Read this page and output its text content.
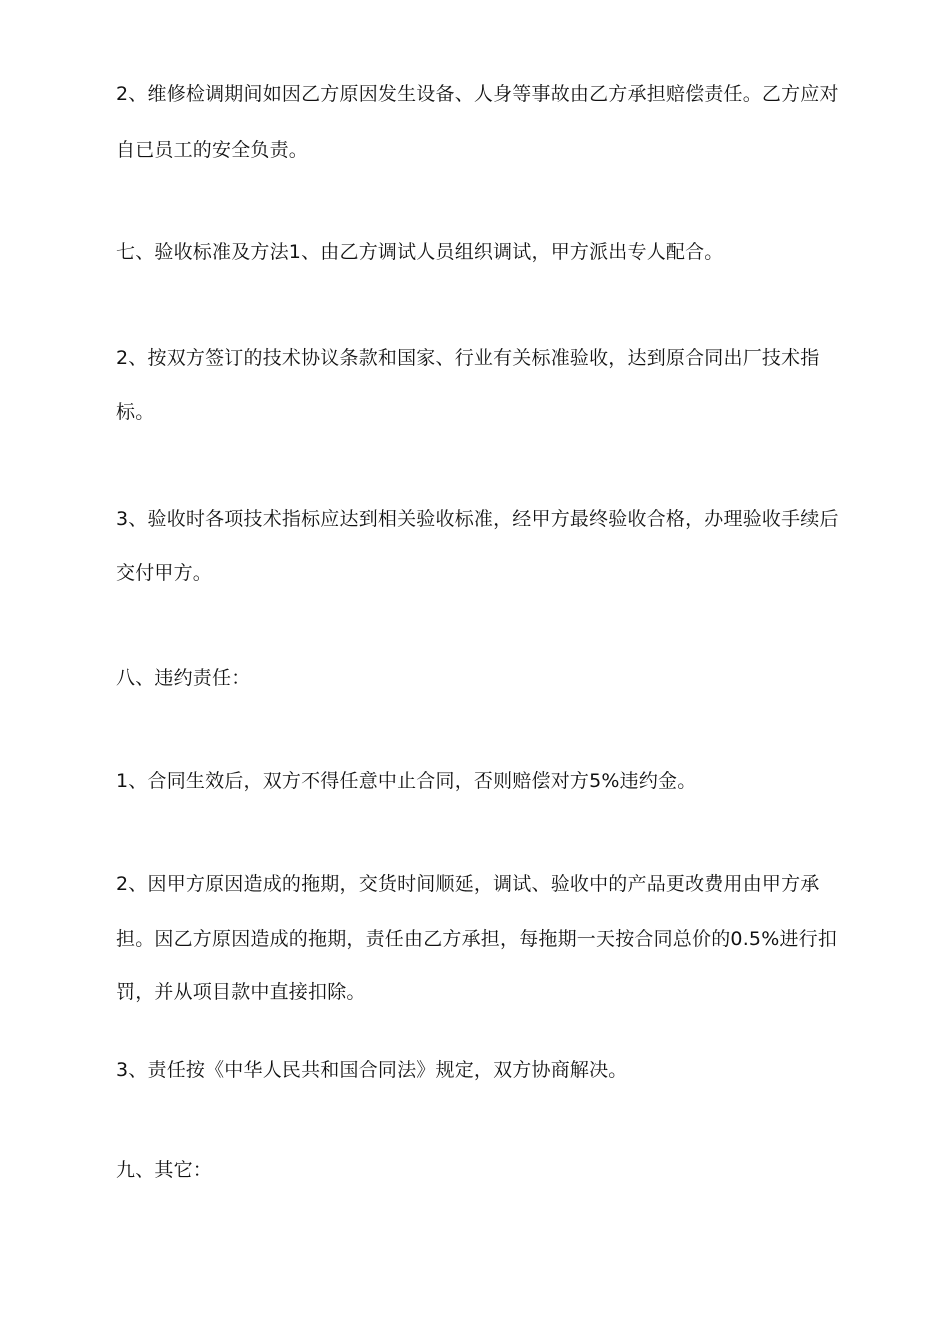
2、维修检调期间如因乙方原因发生设备、人身等事故由乙方承担赔偿责任。乙方应对
自已员工的安全负责。
七、验收标准及方法1、由乙方调试人员组织调试，甲方派出专人配合。
2、按双方签订的技术协议条款和国家、行业有关标准验收，达到原合同出厂技术指
标。
3、验收时各项技术指标应达到相关验收标准，经甲方最终验收合格，办理验收手续后
交付甲方。
八、违约责任：
1、合同生效后，双方不得任意中止合同，否则赔偿对方5%违约金。
2、因甲方原因造成的拖期，交货时间顺延，调试、验收中的产品更改费用由甲方承
担。因乙方原因造成的拖期，责任由乙方承担，每拖期一天按合同总价的0.5%进行扣
罚，并从项目款中直接扣除。
3、责任按《中华人民共和国合同法》规定，双方协商解决。
九、其它：
